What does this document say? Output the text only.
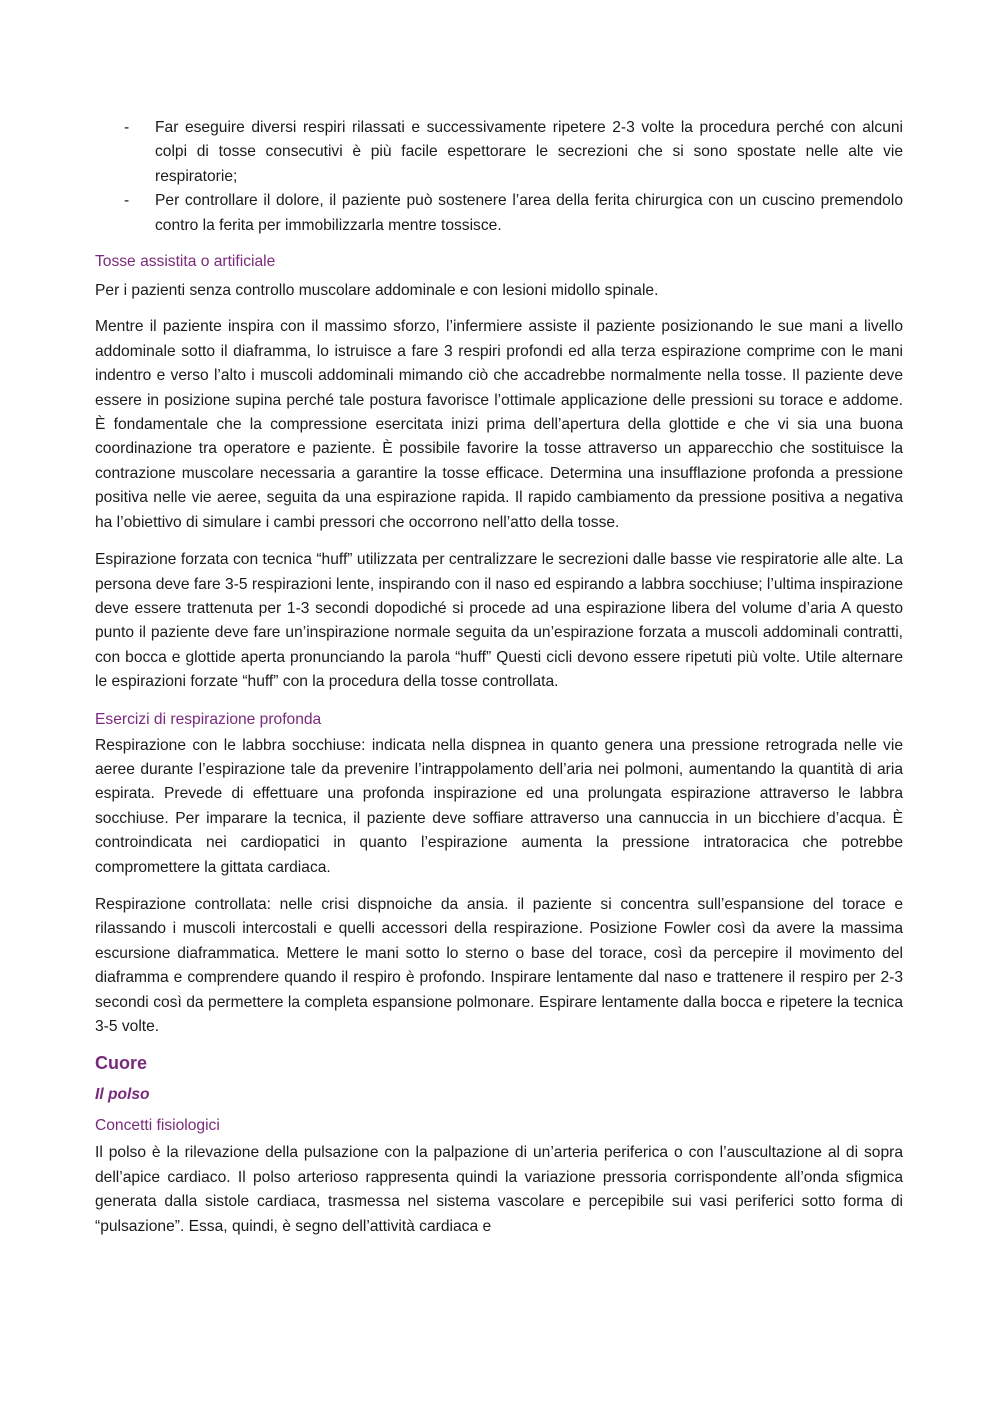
- Far eseguire diversi respiri rilassati e successivamente ripetere 2-3 volte la procedura perché con alcuni colpi di tosse consecutivi è più facile espettorare le secrezioni che si sono spostate nelle alte vie respiratorie;
- Per controllare il dolore, il paziente può sostenere l’area della ferita chirurgica con un cuscino premendolo contro la ferita per immobilizzarla mentre tossisce.
Tosse assistita o artificiale

Per i pazienti senza controllo muscolare addominale e con lesioni midollo spinale.

Mentre il paziente inspira con il massimo sforzo, l’infermiere assiste il paziente posizionando le sue mani a livello addominale sotto il diaframma, lo istruisce a fare 3 respiri profondi ed alla terza espirazione comprime con le mani indentro e verso l’alto i muscoli addominali mimando ciò che accadrebbe normalmente nella tosse. Il paziente deve essere in posizione supina perché tale postura favorisce l’ottimale applicazione delle pressioni su torace e addome. È fondamentale che la compressione esercitata inizi prima dell’apertura della glottide e che vi sia una buona coordinazione tra operatore e paziente. È possibile favorire la tosse attraverso un apparecchio che sostituisce la contrazione muscolare necessaria a garantire la tosse efficace. Determina una insufflazione profonda a pressione positiva nelle vie aeree, seguita da una espirazione rapida. Il rapido cambiamento da pressione positiva a negativa ha l’obiettivo di simulare i cambi pressori che occorrono nell’atto della tosse.

Espirazione forzata con tecnica “huff” utilizzata per centralizzare le secrezioni dalle basse vie respiratorie alle alte. La persona deve fare 3-5 respirazioni lente, inspirando con il naso ed espirando a labbra socchiuse; l’ultima inspirazione deve essere trattenuta per 1-3 secondi dopodiché si procede ad una espirazione libera del volume d’aria A questo punto il paziente deve fare un’inspirazione normale seguita da un’espirazione forzata a muscoli addominali contratti, con bocca e glottide aperta pronunciando la parola “huff” Questi cicli devono essere ripetuti più volte. Utile alternare le espirazioni forzate “huff” con la procedura della tosse controllata.

Esercizi di respirazione profonda

Respirazione con le labbra socchiuse: indicata nella dispnea in quanto genera una pressione retrograda nelle vie aeree durante l’espirazione tale da prevenire l’intrappolamento dell’aria nei polmoni, aumentando la quantità di aria espirata. Prevede di effettuare una profonda inspirazione ed una prolungata espirazione attraverso le labbra socchiuse. Per imparare la tecnica, il paziente deve soffiare attraverso una cannuccia in un bicchiere d’acqua. È controindicata nei cardiopatici in quanto l’espirazione aumenta la pressione intratoracica che potrebbe compromettere la gittata cardiaca.

Respirazione controllata: nelle crisi dispnoiche da ansia. il paziente si concentra sull’espansione del torace e rilassando i muscoli intercostali e quelli accessori della respirazione. Posizione Fowler così da avere la massima escursione diaframmatica. Mettere le mani sotto lo sterno o base del torace, così da percepire il movimento del diaframma e comprendere quando il respiro è profondo. Inspirare lentamente dal naso e trattenere il respiro per 2-3 secondi così da permettere la completa espansione polmonare. Espirare lentamente dalla bocca e ripetere la tecnica 3-5 volte.

Cuore
Il polso
Concetti fisiologici

Il polso è la rilevazione della pulsazione con la palpazione di un’arteria periferica o con l’auscultazione al di sopra dell’apice cardiaco. Il polso arterioso rappresenta quindi la variazione pressoria corrispondente all’onda sfigmica generata dalla sistole cardiaca, trasmessa nel sistema vascolare e percepibile sui vasi periferici sotto forma di “pulsazione”. Essa, quindi, è segno dell’attività cardiaca e
